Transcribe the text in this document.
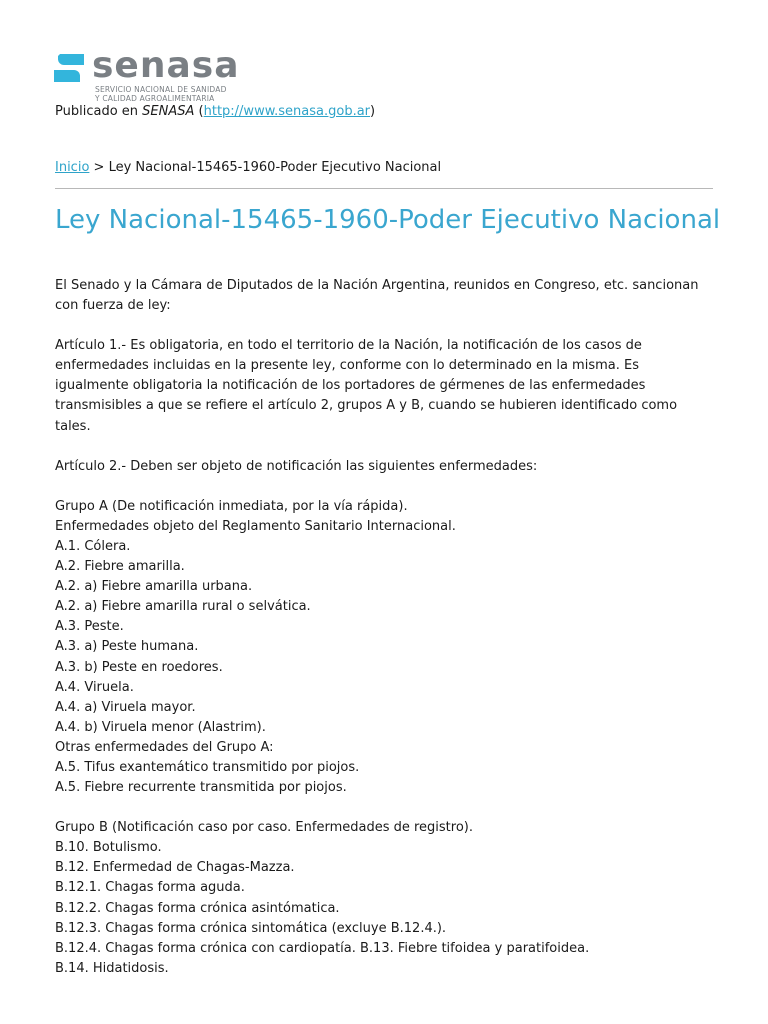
senasa
SERVICIO NACIONAL DE SANIDAD
Y CALIDAD AGROALIMENTARIA
Publicado en SENASA (http://www.senasa.gob.ar)
Inicio > Ley Nacional-15465-1960-Poder Ejecutivo Nacional
Ley Nacional-15465-1960-Poder Ejecutivo Nacional

El Senado y la Cámara de Diputados de la Nación Argentina, reunidos en Congreso, etc. sancionan con fuerza de ley:

Artículo 1.- Es obligatoria, en todo el territorio de la Nación, la notificación de los casos de enfermedades incluidas en la presente ley, conforme con lo determinado en la misma. Es igualmente obligatoria la notificación de los portadores de gérmenes de las enfermedades transmisibles a que se refiere el artículo 2, grupos A y B, cuando se hubieren identificado como tales.

Artículo 2.- Deben ser objeto de notificación las siguientes enfermedades:

Grupo A (De notificación inmediata, por la vía rápida).
Enfermedades objeto del Reglamento Sanitario Internacional.
A.1. Cólera.
A.2. Fiebre amarilla.
A.2. a) Fiebre amarilla urbana.
A.2. a) Fiebre amarilla rural o selvática.
A.3. Peste.
A.3. a) Peste humana.
A.3. b) Peste en roedores.
A.4. Viruela.
A.4. a) Viruela mayor.
A.4. b) Viruela menor (Alastrim).
Otras enfermedades del Grupo A:
A.5. Tifus exantemático transmitido por piojos.
A.5. Fiebre recurrente transmitida por piojos.

Grupo B (Notificación caso por caso. Enfermedades de registro).
B.10. Botulismo.
B.12. Enfermedad de Chagas-Mazza.
B.12.1. Chagas forma aguda.
B.12.2. Chagas forma crónica asintómatica.
B.12.3. Chagas forma crónica sintomática (excluye B.12.4.).
B.12.4. Chagas forma crónica con cardiopatía. B.13. Fiebre tifoidea y paratifoidea.
B.14. Hidatidosis.
